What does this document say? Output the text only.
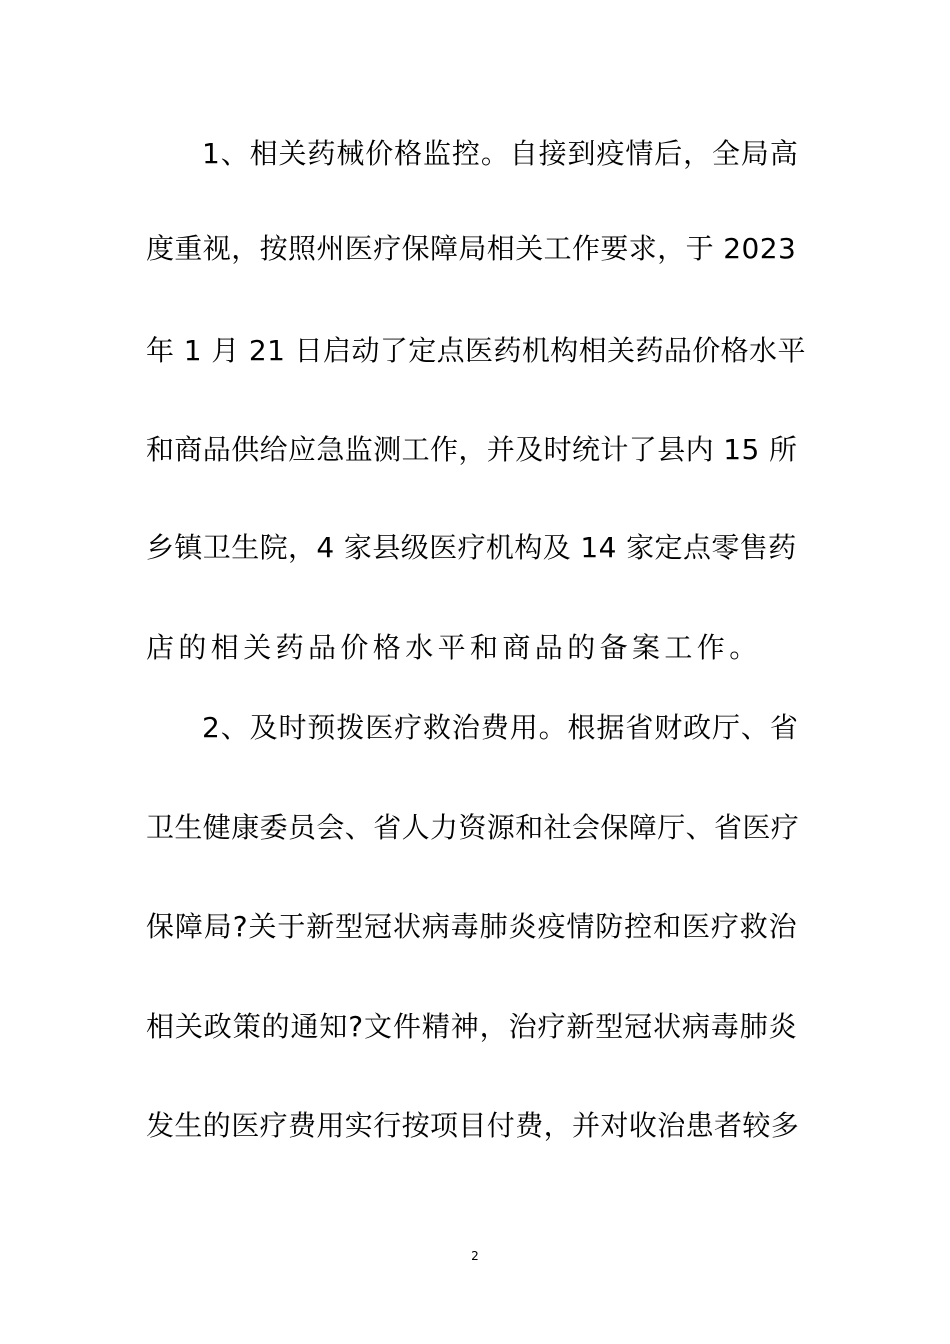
1、相关药械价格监控。自接到疫情后，全局高
度重视，按照州医疗保障局相关工作要求，于 2023
年 1 月 21 日启动了定点医药机构相关药品价格水平
和商品供给应急监测工作，并及时统计了县内 15 所
乡镇卫生院，4 家县级医疗机构及 14 家定点零售药
店的相关药品价格水平和商品的备案工作。
2、及时预拨医疗救治费用。根据省财政厅、省
卫生健康委员会、省人力资源和社会保障厅、省医疗
保障局?关于新型冠状病毒肺炎疫情防控和医疗救治
相关政策的通知?文件精神，治疗新型冠状病毒肺炎
发生的医疗费用实行按项目付费，并对收治患者较多
2
